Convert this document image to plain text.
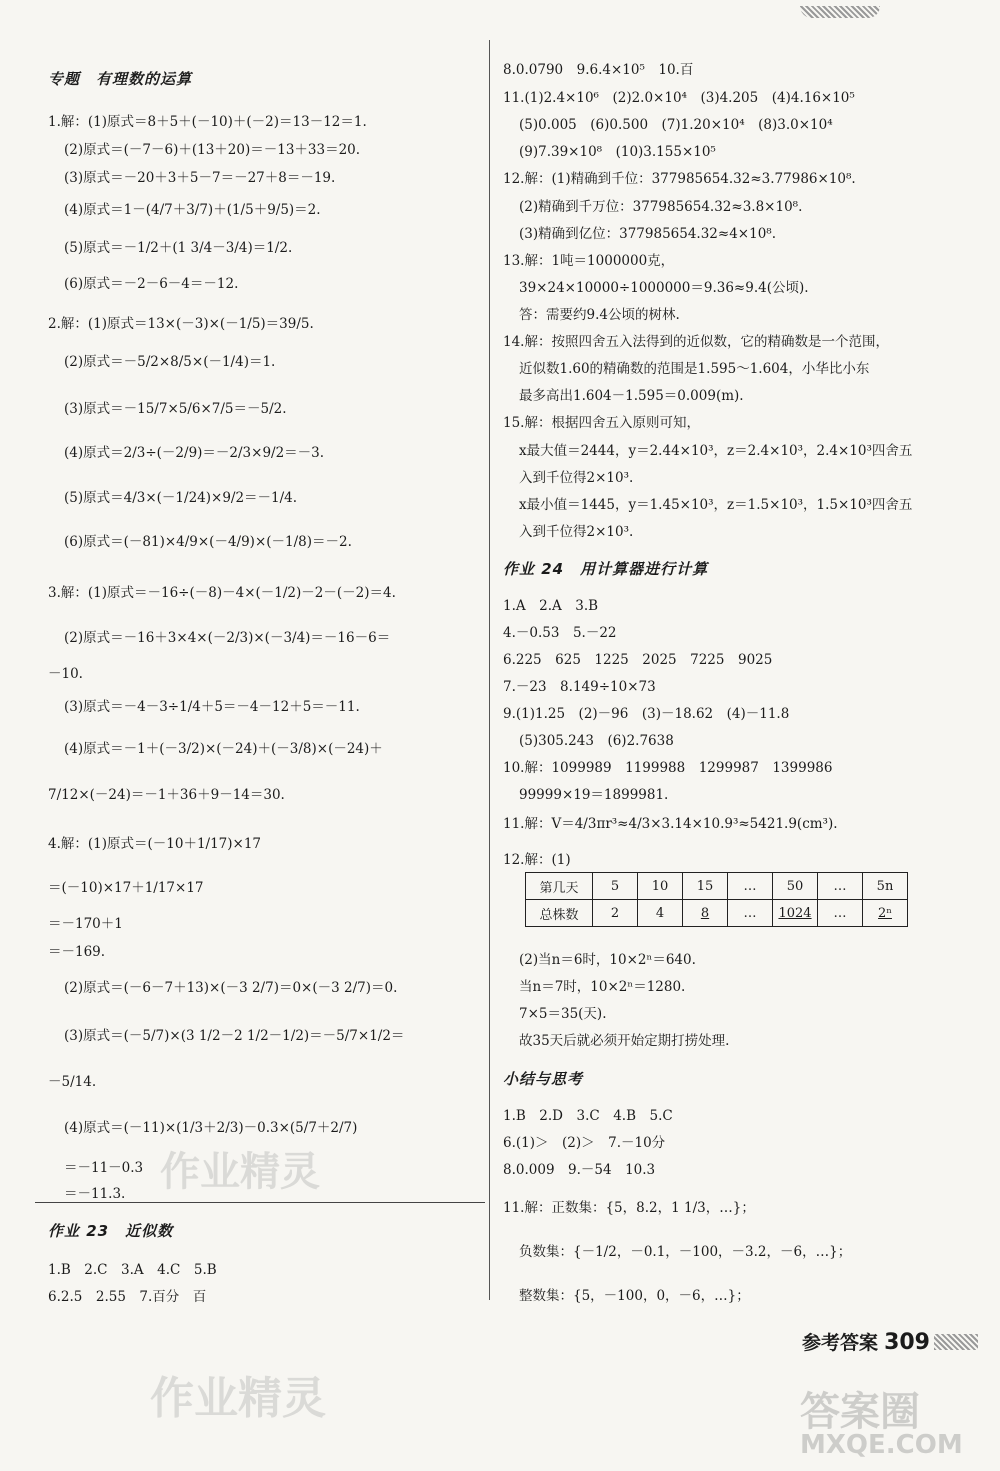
专题　有理数的运算
1.解：(1)原式＝8＋5＋(－10)＋(－2)＝13－12＝1.
(2)原式＝(－7－6)＋(13＋20)＝－13＋33＝20.
(3)原式＝－20＋3＋5－7＝－27＋8＝－19.
(4)原式＝1－(4/7＋3/7)＋(1/5＋9/5)＝2.
(5)原式＝－1/2＋(1 3/4－3/4)＝1/2.
(6)原式＝－2－6－4＝－12.
2.解：(1)原式＝13×(－3)×(－1/5)＝39/5.
(2)原式＝－5/2×8/5×(－1/4)＝1.
(3)原式＝－15/7×5/6×7/5＝－5/2.
(4)原式＝2/3÷(－2/9)＝－2/3×9/2＝－3.
(5)原式＝4/3×(－1/24)×9/2＝－1/4.
(6)原式＝(－81)×4/9×(－4/9)×(－1/8)＝－2.
3.解：(1)原式＝－16÷(－8)－4×(－1/2)－2－(－2)＝4.
(2)原式＝－16＋3×4×(－2/3)×(－3/4)＝－16－6＝
－10.
(3)原式＝－4－3÷1/4＋5＝－4－12＋5＝－11.
(4)原式＝－1＋(－3/2)×(－24)＋(－3/8)×(－24)＋
7/12×(－24)＝－1＋36＋9－14＝30.
4.解：(1)原式＝(－10＋1/17)×17
＝(－10)×17＋1/17×17
＝－170＋1
＝－169.
(2)原式＝(－6－7＋13)×(－3 2/7)＝0×(－3 2/7)＝0.
(3)原式＝(－5/7)×(3 1/2－2 1/2－1/2)＝－5/7×1/2＝
－5/14.
(4)原式＝(－11)×(1/3＋2/3)－0.3×(5/7＋2/7)
＝－11－0.3
＝－11.3.
作业 23　近似数
1.B　2.C　3.A　4.C　5.B
6.2.5　2.55　7.百分　百
8.0.0790　9.6.4×10⁵　10.百
11.(1)2.4×10⁶　(2)2.0×10⁴　(3)4.205　(4)4.16×10⁵
(5)0.005　(6)0.500　(7)1.20×10⁴　(8)3.0×10⁴
(9)7.39×10⁸　(10)3.155×10⁵
12.解：(1)精确到千位：377985654.32≈3.77986×10⁸.
(2)精确到千万位：377985654.32≈3.8×10⁸.
(3)精确到亿位：377985654.32≈4×10⁸.
13.解：1吨＝1000000克，
39×24×10000÷1000000＝9.36≈9.4(公顷).
答：需要约9.4公顷的树林.
14.解：按照四舍五入法得到的近似数，它的精确数是一个范围，
近似数1.60的精确数的范围是1.595～1.604，小华比小东
最多高出1.604－1.595＝0.009(m).
15.解：根据四舍五入原则可知，
x最大值＝2444，y＝2.44×10³，z＝2.4×10³，2.4×10³四舍五
入到千位得2×10³.
x最小值＝1445，y＝1.45×10³，z＝1.5×10³，1.5×10³四舍五
入到千位得2×10³.
作业 24　用计算器进行计算
1.A　2.A　3.B
4.－0.53　5.－22
6.225　625　1225　2025　7225　9025
7.－23　8.149÷10×73
9.(1)1.25　(2)－96　(3)－18.62　(4)－11.8
(5)305.243　(6)2.7638
10.解：1099989　1199988　1299987　1399986
99999×19＝1899981.
11.解：V＝4/3πr³≈4/3×3.14×10.9³≈5421.9(cm³).
12.解：(1)
(2)当n＝6时，10×2ⁿ＝640.
当n＝7时，10×2ⁿ＝1280.
7×5＝35(天).
故35天后就必须开始定期打捞处理.
小结与思考
1.B　2.D　3.C　4.B　5.C
6.(1)＞　(2)＞　7.－10分
8.0.009　9.－54　10.3
11.解：正数集：{5，8.2，1 1/3，…}；
负数集：{－1/2，－0.1，－100，－3.2，－6，…}；
整数集：{5，－100，0，－6，…}；
第几天	5	10	15	…	50	…	5n
总株数	2	4	8	…	1024	…	2ⁿ
参考答案 309
作业精灵
作业精灵	答案圈
MXQE.COM
